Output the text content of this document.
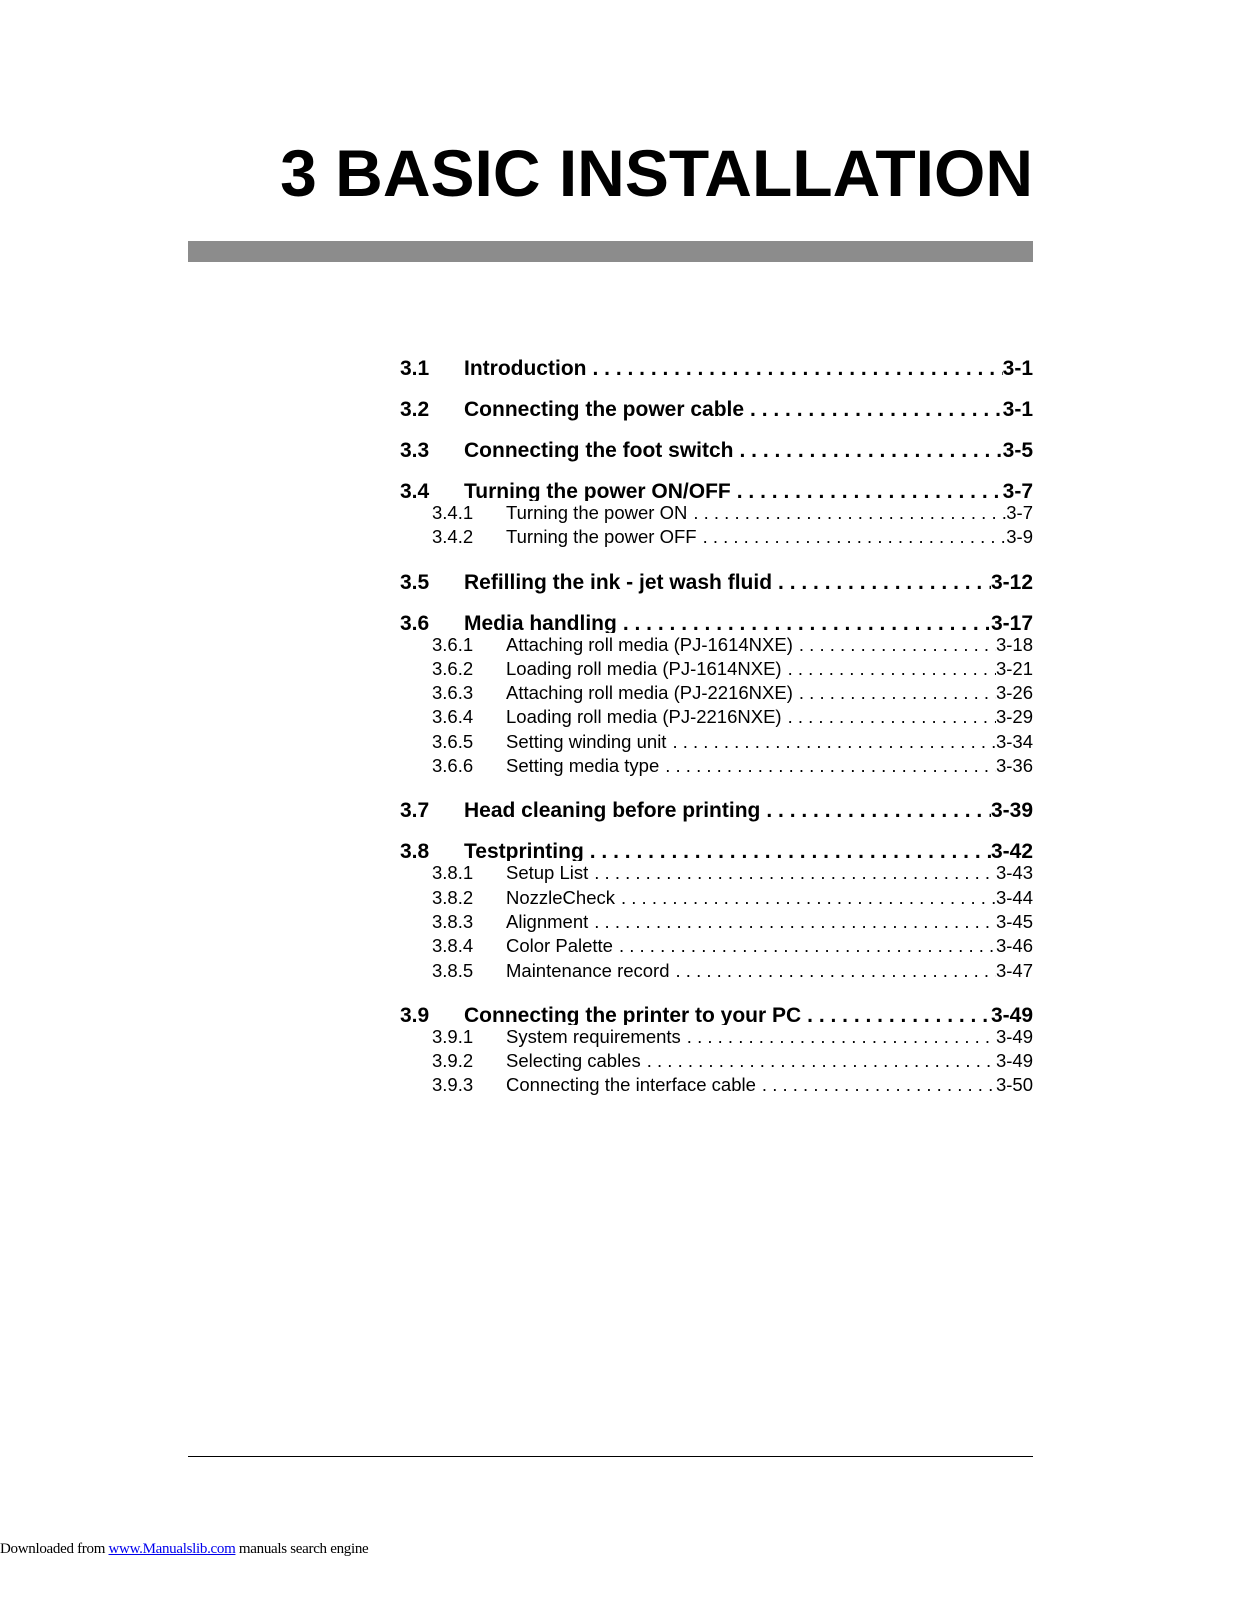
3 BASIC INSTALLATION
3.1	Introduction . . .	3-1
3.2	Connecting the power cable . . .	3-1
3.3	Connecting the foot switch . . .	3-5
3.4	Turning the power ON/OFF . . .	3-7
3.4.1	Turning the power ON . . .	3-7
3.4.2	Turning the power OFF . . .	3-9
3.5	Refilling the ink - jet wash fluid . . .	3-12
3.6	Media handling . . .	3-17
3.6.1	Attaching roll media (PJ-1614NXE) . . .	3-18
3.6.2	Loading roll media (PJ-1614NXE) . . .	3-21
3.6.3	Attaching roll media (PJ-2216NXE) . . .	3-26
3.6.4	Loading roll media (PJ-2216NXE) . . .	3-29
3.6.5	Setting winding unit . . .	3-34
3.6.6	Setting media type . . .	3-36
3.7	Head cleaning before printing . . .	3-39
3.8	Testprinting . . .	3-42
3.8.1	Setup List . . .	3-43
3.8.2	NozzleCheck . . .	3-44
3.8.3	Alignment . . .	3-45
3.8.4	Color Palette . . .	3-46
3.8.5	Maintenance record . . .	3-47
3.9	Connecting the printer to your PC . . .	3-49
3.9.1	System requirements . . .	3-49
3.9.2	Selecting cables . . .	3-49
3.9.3	Connecting the interface cable . . .	3-50
Downloaded from www.Manualslib.com manuals search engine
